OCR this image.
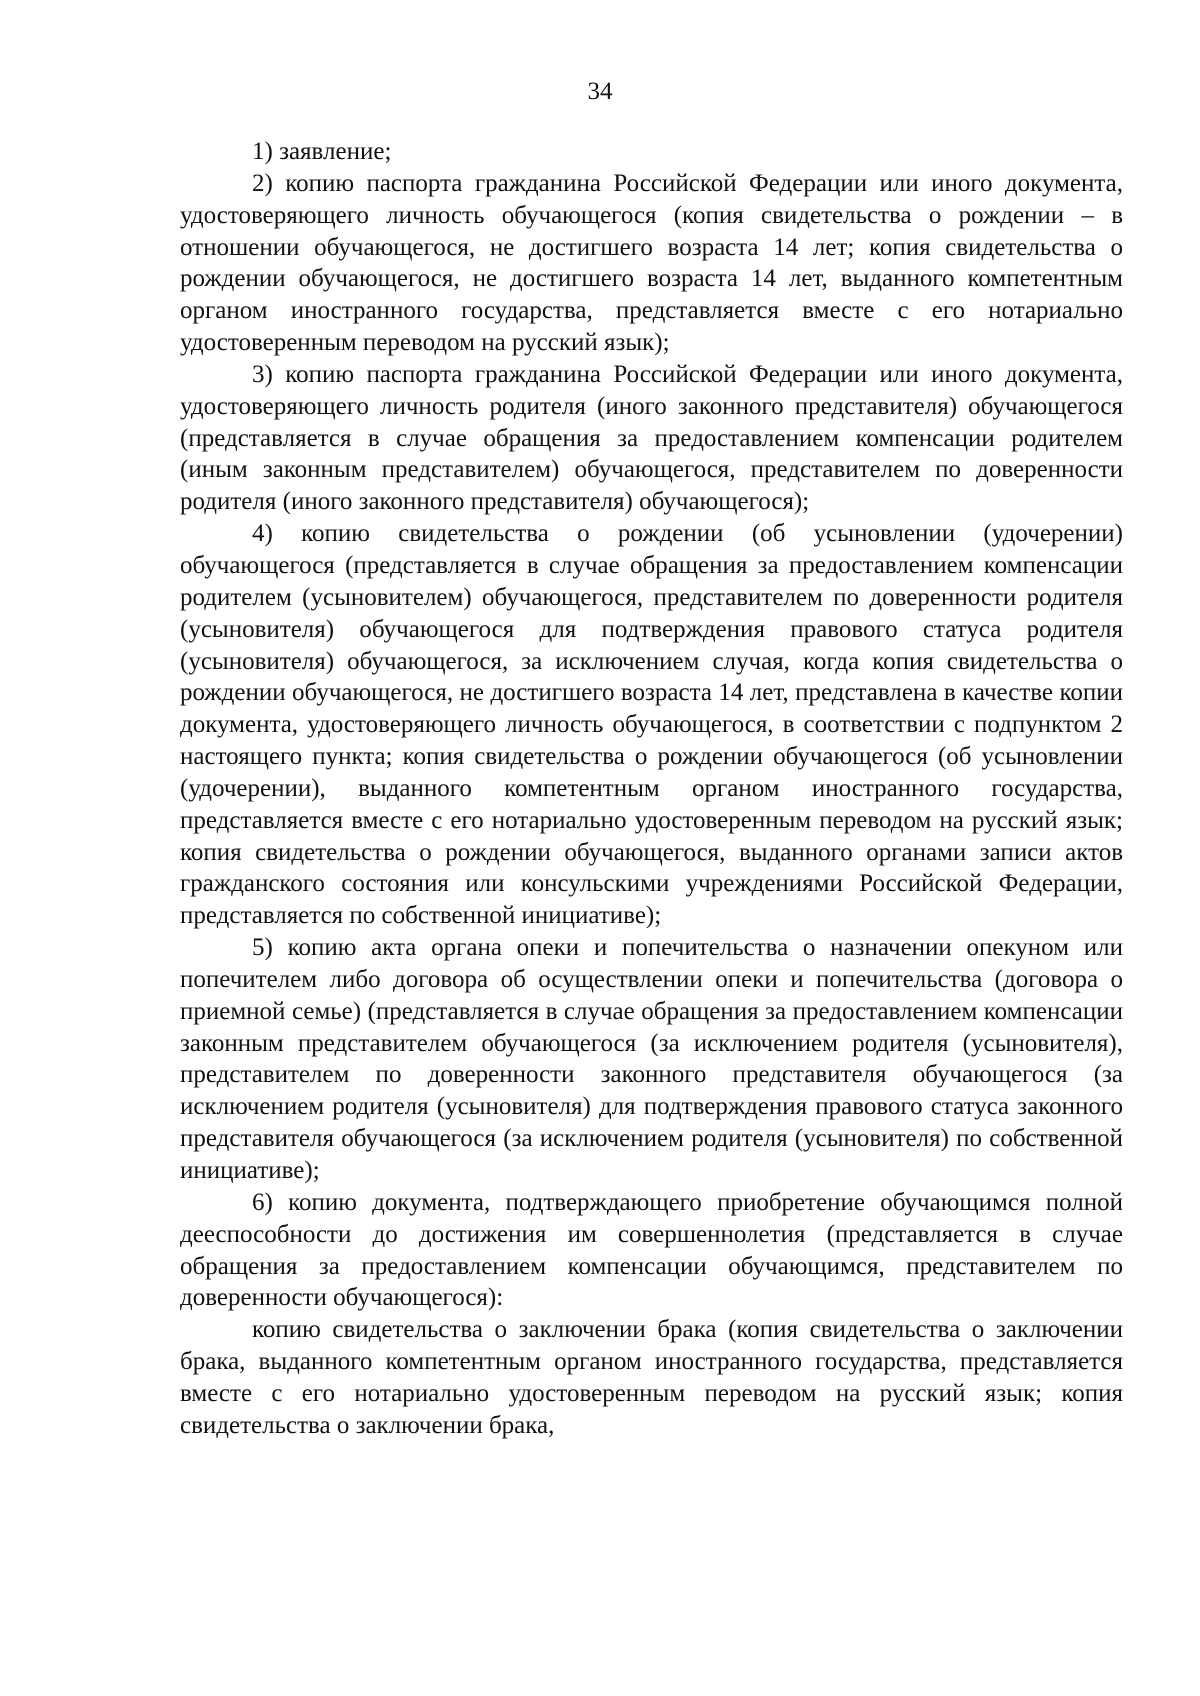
34

1) заявление;

2) копию паспорта гражданина Российской Федерации или иного документа, удостоверяющего личность обучающегося (копия свидетельства о рождении – в отношении обучающегося, не достигшего возраста 14 лет; копия свидетельства о рождении обучающегося, не достигшего возраста 14 лет, выданного компетентным органом иностранного государства, представляется вместе с его нотариально удостоверенным переводом на русский язык);

3) копию паспорта гражданина Российской Федерации или иного документа, удостоверяющего личность родителя (иного законного представителя) обучающегося (представляется в случае обращения за предоставлением компенсации родителем (иным законным представителем) обучающегося, представителем по доверенности родителя (иного законного представителя) обучающегося);

4) копию свидетельства о рождении (об усыновлении (удочерении) обучающегося (представляется в случае обращения за предоставлением компенсации родителем (усыновителем) обучающегося, представителем по доверенности родителя (усыновителя) обучающегося для подтверждения правового статуса родителя (усыновителя) обучающегося, за исключением случая, когда копия свидетельства о рождении обучающегося, не достигшего возраста 14 лет, представлена в качестве копии документа, удостоверяющего личность обучающегося, в соответствии с подпунктом 2 настоящего пункта; копия свидетельства о рождении обучающегося (об усыновлении (удочерении), выданного компетентным органом иностранного государства, представляется вместе с его нотариально удостоверенным переводом на русский язык; копия свидетельства о рождении обучающегося, выданного органами записи актов гражданского состояния или консульскими учреждениями Российской Федерации, представляется по собственной инициативе);

5) копию акта органа опеки и попечительства о назначении опекуном или попечителем либо договора об осуществлении опеки и попечительства (договора о приемной семье) (представляется в случае обращения за предоставлением компенсации законным представителем обучающегося (за исключением родителя (усыновителя), представителем по доверенности законного представителя обучающегося (за исключением родителя (усыновителя) для подтверждения правового статуса законного представителя обучающегося (за исключением родителя (усыновителя) по собственной инициативе);

6) копию документа, подтверждающего приобретение обучающимся полной дееспособности до достижения им совершеннолетия (представляется в случае обращения за предоставлением компенсации обучающимся, представителем по доверенности обучающегося):

копию свидетельства о заключении брака (копия свидетельства о заключении брака, выданного компетентным органом иностранного государства, представляется вместе с его нотариально удостоверенным переводом на русский язык; копия свидетельства о заключении брака,
